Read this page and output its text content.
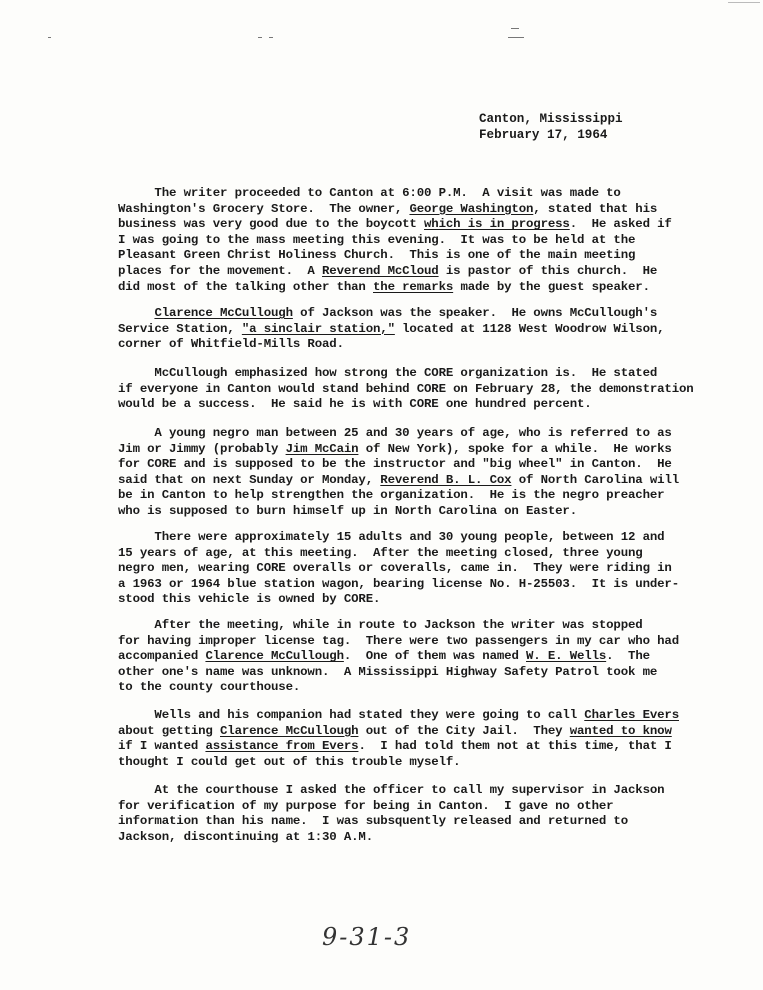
Canton, Mississippi
February 17, 1964

The writer proceeded to Canton at 6:00 P.M.  A visit was made to
Washington's Grocery Store.  The owner, George Washington, stated that his
business was very good due to the boycott which is in progress.  He asked if
I was going to the mass meeting this evening.  It was to be held at the
Pleasant Green Christ Holiness Church.  This is one of the main meeting
places for the movement.  A Reverend McCloud is pastor of this church.  He
did most of the talking other than the remarks made by the guest speaker.

Clarence McCullough of Jackson was the speaker.  He owns McCullough's
Service Station, "a sinclair station," located at 1128 West Woodrow Wilson,
corner of Whitfield-Mills Road.

McCullough emphasized how strong the CORE organization is.  He stated
if everyone in Canton would stand behind CORE on February 28, the demonstration
would be a success.  He said he is with CORE one hundred percent.

A young negro man between 25 and 30 years of age, who is referred to as
Jim or Jimmy (probably Jim McCain of New York), spoke for a while.  He works
for CORE and is supposed to be the instructor and "big wheel" in Canton.  He
said that on next Sunday or Monday, Reverend B. L. Cox of North Carolina will
be in Canton to help strengthen the organization.  He is the negro preacher
who is supposed to burn himself up in North Carolina on Easter.

There were approximately 15 adults and 30 young people, between 12 and
15 years of age, at this meeting.  After the meeting closed, three young
negro men, wearing CORE overalls or coveralls, came in.  They were riding in
a 1963 or 1964 blue station wagon, bearing license No. H-25503.  It is under-
stood this vehicle is owned by CORE.

After the meeting, while in route to Jackson the writer was stopped
for having improper license tag.  There were two passengers in my car who had
accompanied Clarence McCullough.  One of them was named W. E. Wells.  The
other one's name was unknown.  A Mississippi Highway Safety Patrol took me
to the county courthouse.

Wells and his companion had stated they were going to call Charles Evers
about getting Clarence McCullough out of the City Jail.  They wanted to know
if I wanted assistance from Evers.  I had told them not at this time, that I
thought I could get out of this trouble myself.

At the courthouse I asked the officer to call my supervisor in Jackson
for verification of my purpose for being in Canton.  I gave no other
information than his name.  I was subsquently released and returned to
Jackson, discontinuing at 1:30 A.M.

9-31-3
